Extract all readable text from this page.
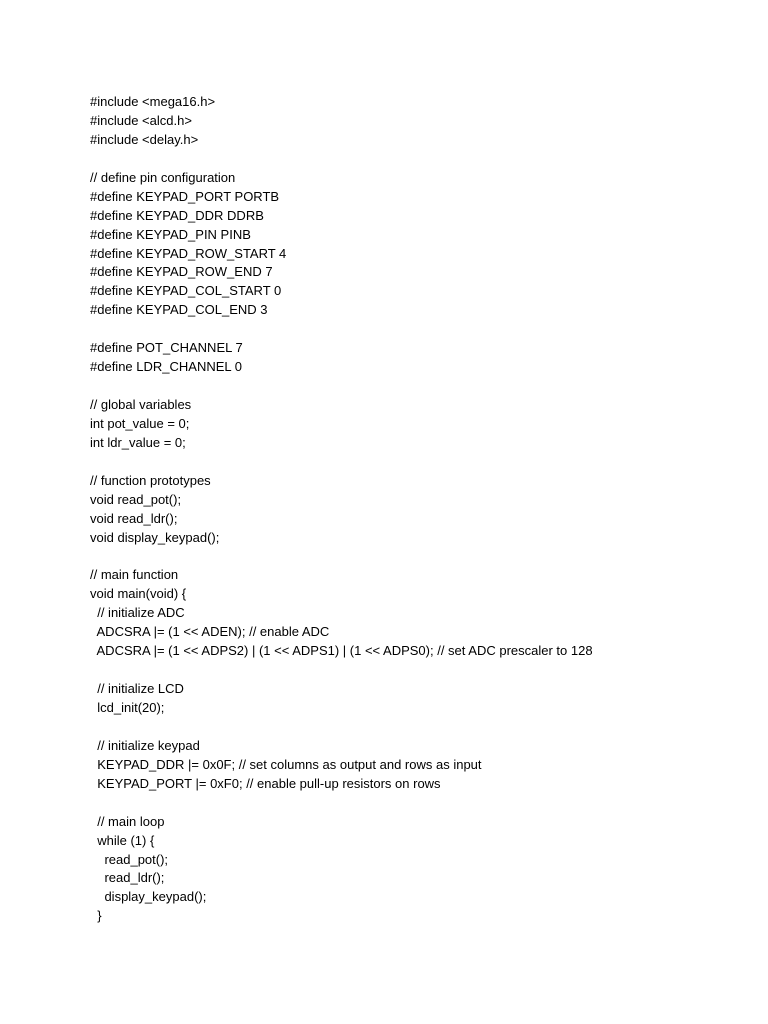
#include <mega16.h>
#include <alcd.h>
#include <delay.h>
// define pin configuration
#define KEYPAD_PORT PORTB
#define KEYPAD_DDR DDRB
#define KEYPAD_PIN PINB
#define KEYPAD_ROW_START 4
#define KEYPAD_ROW_END 7
#define KEYPAD_COL_START 0
#define KEYPAD_COL_END 3
#define POT_CHANNEL 7
#define LDR_CHANNEL 0
// global variables
int pot_value = 0;
int ldr_value = 0;
// function prototypes
void read_pot();
void read_ldr();
void display_keypad();
// main function
void main(void) {
// initialize ADC
ADCSRA |= (1 << ADEN); // enable ADC
ADCSRA |= (1 << ADPS2) | (1 << ADPS1) | (1 << ADPS0); // set ADC prescaler to 128
// initialize LCD
lcd_init(20);
// initialize keypad
KEYPAD_DDR |= 0x0F; // set columns as output and rows as input
KEYPAD_PORT |= 0xF0; // enable pull-up resistors on rows
// main loop
while (1) {
read_pot();
read_ldr();
display_keypad();
}
